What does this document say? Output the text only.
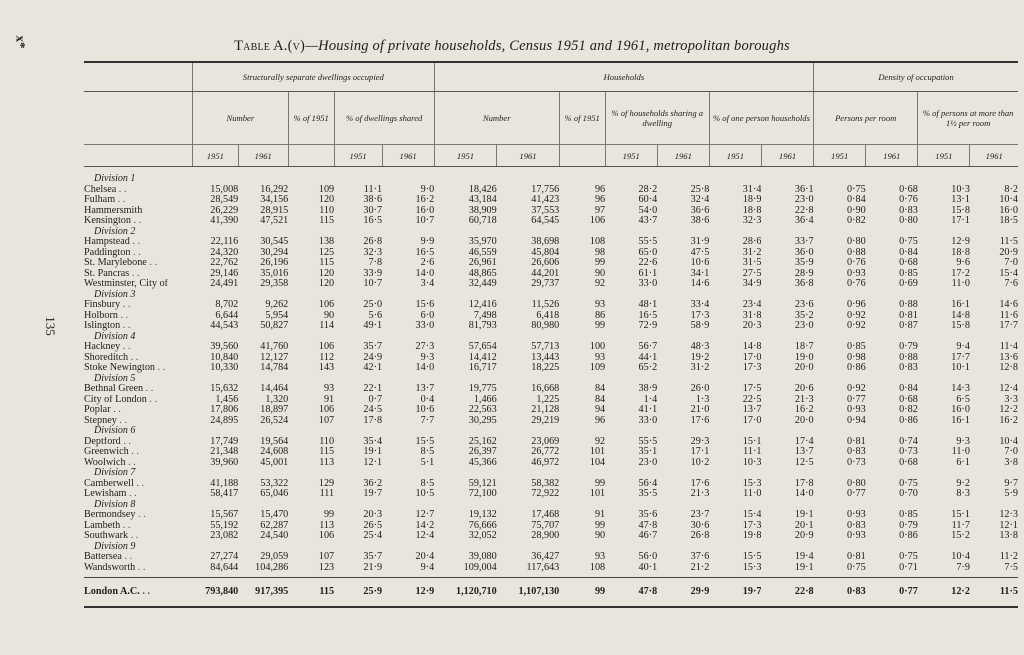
x*
135
Table A.(v)—Housing of private households, Census 1951 and 1961, metropolitan boroughs
	Structurally separate dwellings occupied					Households							Density of occupation			
	Number		% of 1951	% of dwellings shared		Number		% of 1951	% of households sharing a dwelling		% of one person households		Persons per room		% of persons at more than 1½ per room	
	1951	1961		1951	1961	1951	1961		1951	1961	1951	1961	1951	1961	1951	1961

Division 1																
Chelsea . .	15,008	16,292	109	11·1	9·0	18,426	17,756	96	28·2	25·8	31·4	36·1	0·75	0·68	10·3	8·2
Fulham . .	28,549	34,156	120	38·6	16·2	43,184	41,423	96	60·4	32·4	18·9	23·0	0·84	0·76	13·1	10·4
Hammersmith	26,229	28,915	110	30·7	16·0	38,909	37,553	97	54·0	36·6	18·8	22·8	0·90	0·83	15·8	16·0
Kensington . .	41,390	47,521	115	16·5	10·7	60,718	64,545	106	43·7	38·6	32·3	36·4	0·82	0·80	17·1	18·5
Division 2																
Hampstead . .	22,116	30,545	138	26·8	9·9	35,970	38,698	108	55·5	31·9	28·6	33·7	0·80	0·75	12·9	11·5
Paddington . .	24,320	30,294	125	32·3	16·5	46,559	45,804	98	65·0	47·5	31·2	36·0	0·88	0·84	18·8	20·9
St. Marylebone . .	22,762	26,196	115	7·8	2·6	26,961	26,606	99	22·6	10·6	31·5	35·9	0·76	0·68	9·6	7·0
St. Pancras . .	29,146	35,016	120	33·9	14·0	48,865	44,201	90	61·1	34·1	27·5	28·9	0·93	0·85	17·2	15·4
Westminster, City of	24,491	29,358	120	10·7	3·4	32,449	29,737	92	33·0	14·6	34·9	36·8	0·76	0·69	11·0	7·6
Division 3																
Finsbury . .	8,702	9,262	106	25·0	15·6	12,416	11,526	93	48·1	33·4	23·4	23·6	0·96	0·88	16·1	14·6
Holborn . .	6,644	5,954	90	5·6	6·0	7,498	6,418	86	16·5	17·3	31·8	35·2	0·92	0·81	14·8	11·6
Islington . .	44,543	50,827	114	49·1	33·0	81,793	80,980	99	72·9	58·9	20·3	23·0	0·92	0·87	15·8	17·7
Division 4																
Hackney . .	39,560	41,760	106	35·7	27·3	57,654	57,713	100	56·7	48·3	14·8	18·7	0·85	0·79	9·4	11·4
Shoreditch . .	10,840	12,127	112	24·9	9·3	14,412	13,443	93	44·1	19·2	17·0	19·0	0·98	0·88	17·7	13·6
Stoke Newington . .	10,330	14,784	143	42·1	14·0	16,717	18,225	109	65·2	31·2	17·3	20·0	0·86	0·83	10·1	12·8
Division 5																
Bethnal Green . .	15,632	14,464	93	22·1	13·7	19,775	16,668	84	38·9	26·0	17·5	20·6	0·92	0·84	14·3	12·4
City of London . .	1,456	1,320	91	0·7	0·4	1,466	1,225	84	1·4	1·3	22·5	21·3	0·77	0·68	6·5	3·3
Poplar . .	17,806	18,897	106	24·5	10·6	22,563	21,128	94	41·1	21·0	13·7	16·2	0·93	0·82	16·0	12·2
Stepney . .	24,895	26,524	107	17·8	7·7	30,295	29,219	96	33·0	17·6	17·0	20·0	0·94	0·86	16·1	16·2
Division 6																
Deptford . .	17,749	19,564	110	35·4	15·5	25,162	23,069	92	55·5	29·3	15·1	17·4	0·81	0·74	9·3	10·4
Greenwich . .	21,348	24,608	115	19·1	8·5	26,397	26,772	101	35·1	17·1	11·1	13·7	0·83	0·73	11·0	7·0
Woolwich . .	39,960	45,001	113	12·1	5·1	45,366	46,972	104	23·0	10·2	10·3	12·5	0·73	0·68	6·1	3·8
Division 7																
Camberwell . .	41,188	53,322	129	36·2	8·5	59,121	58,382	99	56·4	17·6	15·3	17·8	0·80	0·75	9·2	9·7
Lewisham . .	58,417	65,046	111	19·7	10·5	72,100	72,922	101	35·5	21·3	11·0	14·0	0·77	0·70	8·3	5·9
Division 8																
Bermondsey . .	15,567	15,470	99	20·3	12·7	19,132	17,468	91	35·6	23·7	15·4	19·1	0·93	0·85	15·1	12·3
Lambeth . .	55,192	62,287	113	26·5	14·2	76,666	75,707	99	47·8	30·6	17·3	20·1	0·83	0·79	11·7	12·1
Southwark . .	23,082	24,540	106	25·4	12·4	32,052	28,900	90	46·7	26·8	19·8	20·9	0·93	0·86	15·2	13·8
Division 9																
Battersea . .	27,274	29,059	107	35·7	20·4	39,080	36,427	93	56·0	37·6	15·5	19·4	0·81	0·75	10·4	11·2
Wandsworth . .	84,644	104,286	123	21·9	9·4	109,004	117,643	108	40·1	21·2	15·3	19·1	0·75	0·71	7·9	7·5

London A.C. . .	793,840	917,395	115	25·9	12·9	1,120,710	1,107,130	99	47·8	29·9	19·7	22·8	0·83	0·77	12·2	11·5
